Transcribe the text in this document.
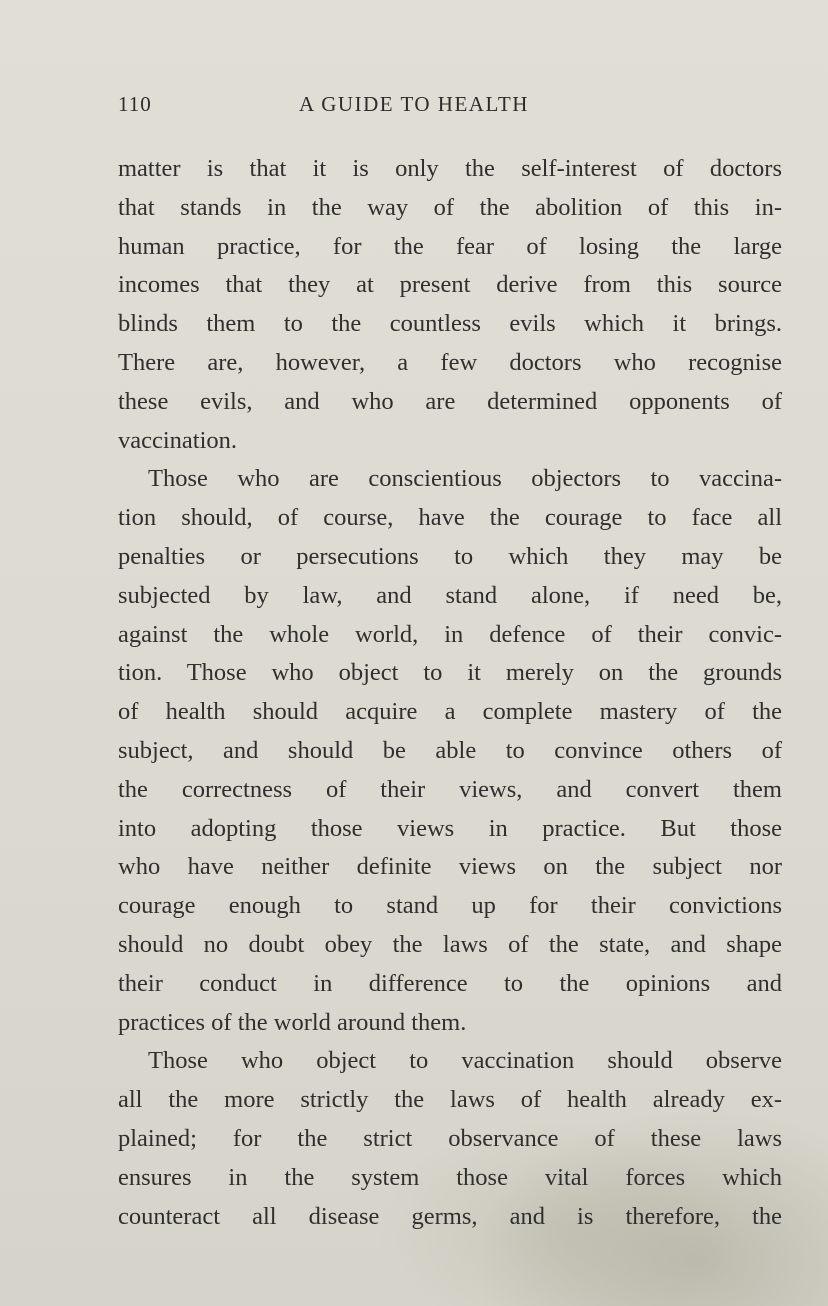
110	A GUIDE TO HEALTH
matter is that it is only the self-interest of doctors
that stands in the way of the abolition of this in-
human practice, for the fear of losing the large
incomes that they at present derive from this source
blinds them to the countless evils which it brings.
There are, however, a few doctors who recognise
these evils, and who are determined opponents of
vaccination.
Those who are conscientious objectors to vaccina-
tion should, of course, have the courage to face all
penalties or persecutions to which they may be
subjected by law, and stand alone, if need be,
against the whole world, in defence of their convic-
tion. Those who object to it merely on the grounds
of health should acquire a complete mastery of the
subject, and should be able to convince others of
the correctness of their views, and convert them
into adopting those views in practice. But those
who have neither definite views on the subject nor
courage enough to stand up for their convictions
should no doubt obey the laws of the state, and shape
their conduct in difference to the opinions and
practices of the world around them.
Those who object to vaccination should observe
all the more strictly the laws of health already ex-
plained; for the strict observance of these laws
ensures in the system those vital forces which
counteract all disease germs, and is therefore, the
